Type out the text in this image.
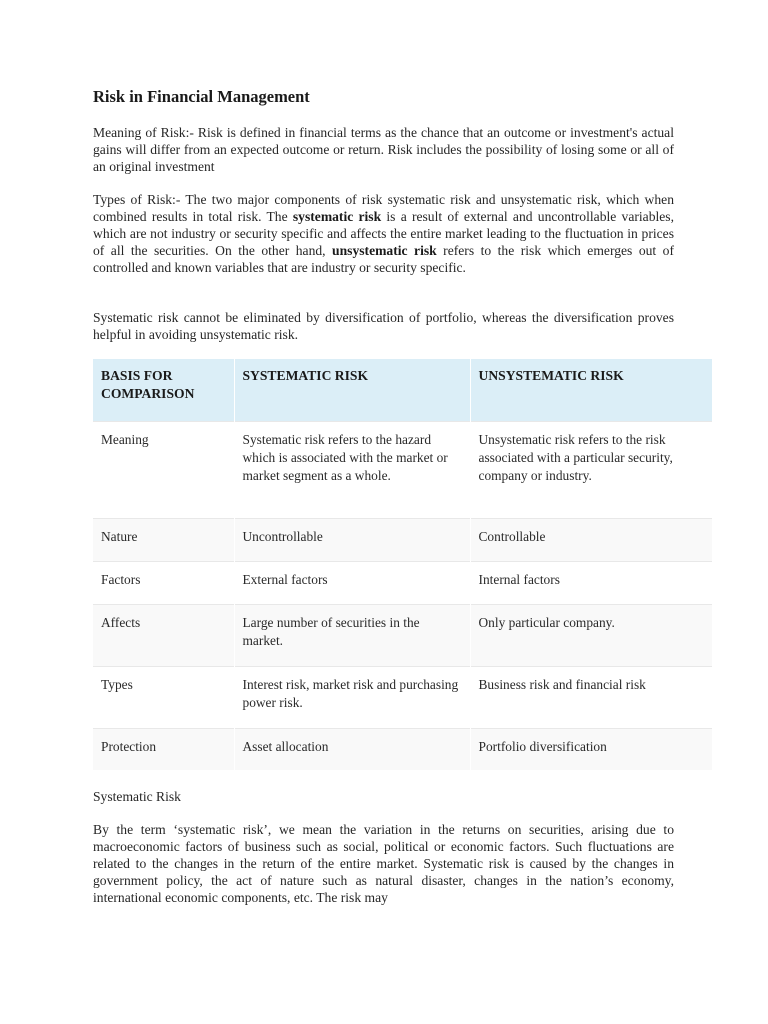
Risk in Financial Management

Meaning of Risk:- Risk is defined in financial terms as the chance that an outcome or investment's actual gains will differ from an expected outcome or return. Risk includes the possibility of losing some or all of an original investment

Types of Risk:- The two major components of risk systematic risk and unsystematic risk, which when combined results in total risk. The systematic risk is a result of external and uncontrollable variables, which are not industry or security specific and affects the entire market leading to the fluctuation in prices of all the securities. On the other hand, unsystematic risk refers to the risk which emerges out of controlled and known variables that are industry or security specific.

Systematic risk cannot be eliminated by diversification of portfolio, whereas the diversification proves helpful in avoiding unsystematic risk.

Systematic Risk

By the term ‘systematic risk’, we mean the variation in the returns on securities, arising due to macroeconomic factors of business such as social, political or economic factors. Such fluctuations are related to the changes in the return of the entire market. Systematic risk is caused by the changes in government policy, the act of nature such as natural disaster, changes in the nation’s economy, international economic components, etc. The risk may

BASIS FOR COMPARISON	SYSTEMATIC RISK	UNSYSTEMATIC RISK
Meaning	Systematic risk refers to the hazard which is associated with the market or market segment as a whole.	Unsystematic risk refers to the risk associated with a particular security, company or industry.
Nature	Uncontrollable	Controllable
Factors	External factors	Internal factors
Affects	Large number of securities in the market.	Only particular company.
Types	Interest risk, market risk and purchasing power risk.	Business risk and financial risk
Protection	Asset allocation	Portfolio diversification
